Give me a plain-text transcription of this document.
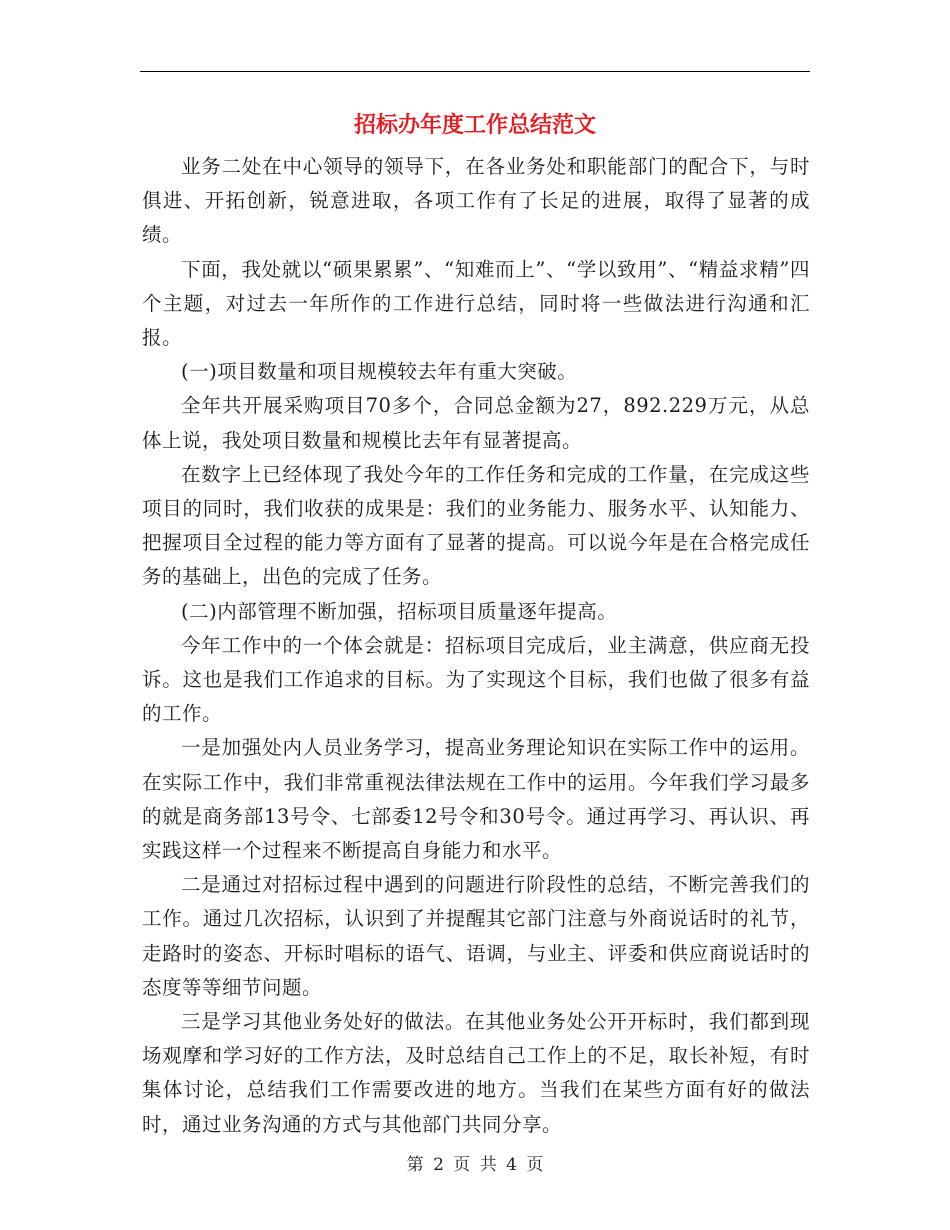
招标办年度工作总结范文

业务二处在中心领导的领导下，在各业务处和职能部门的配合下，与时俱进、开拓创新，锐意进取，各项工作有了长足的进展，取得了显著的成绩。

下面，我处就以“硕果累累”、“知难而上”、“学以致用”、“精益求精”四个主题，对过去一年所作的工作进行总结，同时将一些做法进行沟通和汇报。

(一)项目数量和项目规模较去年有重大突破。

全年共开展采购项目70多个，合同总金额为27，892.229万元，从总体上说，我处项目数量和规模比去年有显著提高。

在数字上已经体现了我处今年的工作任务和完成的工作量，在完成这些项目的同时，我们收获的成果是：我们的业务能力、服务水平、认知能力、把握项目全过程的能力等方面有了显著的提高。可以说今年是在合格完成任务的基础上，出色的完成了任务。

(二)内部管理不断加强，招标项目质量逐年提高。

今年工作中的一个体会就是：招标项目完成后，业主满意，供应商无投诉。这也是我们工作追求的目标。为了实现这个目标，我们也做了很多有益的工作。

一是加强处内人员业务学习，提高业务理论知识在实际工作中的运用。在实际工作中，我们非常重视法律法规在工作中的运用。今年我们学习最多的就是商务部13号令、七部委12号令和30号令。通过再学习、再认识、再实践这样一个过程来不断提高自身能力和水平。

二是通过对招标过程中遇到的问题进行阶段性的总结，不断完善我们的工作。通过几次招标，认识到了并提醒其它部门注意与外商说话时的礼节，走路时的姿态、开标时唱标的语气、语调，与业主、评委和供应商说话时的态度等等细节问题。

三是学习其他业务处好的做法。在其他业务处公开开标时，我们都到现场观摩和学习好的工作方法，及时总结自己工作上的不足，取长补短，有时集体讨论，总结我们工作需要改进的地方。当我们在某些方面有好的做法时，通过业务沟通的方式与其他部门共同分享。

第 2 页 共 4 页
